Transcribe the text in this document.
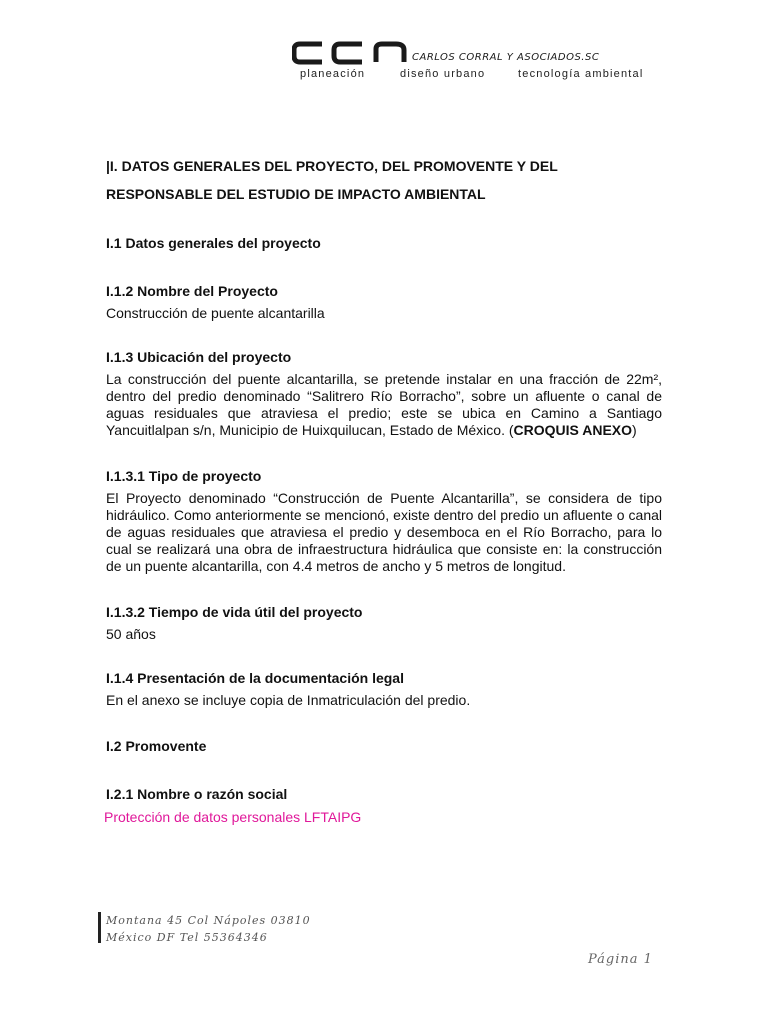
CARLOS CORRAL Y ASOCIADOS.SC
planeación	diseño urbano	tecnología ambiental

|I. DATOS GENERALES DEL PROYECTO, DEL PROMOVENTE Y DEL

RESPONSABLE DEL ESTUDIO DE IMPACTO AMBIENTAL

I.1 Datos generales del proyecto

I.1.2 Nombre del Proyecto

Construcción de puente alcantarilla

I.1.3 Ubicación del proyecto

La construcción del puente alcantarilla, se pretende instalar en una fracción de 22m², dentro del predio denominado “Salitrero Río Borracho”, sobre un afluente o canal de aguas residuales que atraviesa el predio; este se ubica en Camino a Santiago Yancuitlalpan s/n, Municipio de Huixquilucan, Estado de México. (CROQUIS ANEXO)

I.1.3.1 Tipo de proyecto

El Proyecto denominado “Construcción de Puente Alcantarilla”, se considera de tipo hidráulico. Como anteriormente se mencionó, existe dentro del predio un afluente o canal de aguas residuales que atraviesa el predio y desemboca en el Río Borracho, para lo cual se realizará una obra de infraestructura hidráulica que consiste en: la construcción de un puente alcantarilla, con 4.4 metros de ancho y 5 metros de longitud.

I.1.3.2 Tiempo de vida útil del proyecto

50 años

I.1.4 Presentación de la documentación legal

En el anexo se incluye copia de Inmatriculación del predio.

I.2 Promovente

I.2.1 Nombre o razón social

Protección de datos personales LFTAIPG

Montana 45 Col Nápoles 03810
México DF Tel 55364346
Página 1
